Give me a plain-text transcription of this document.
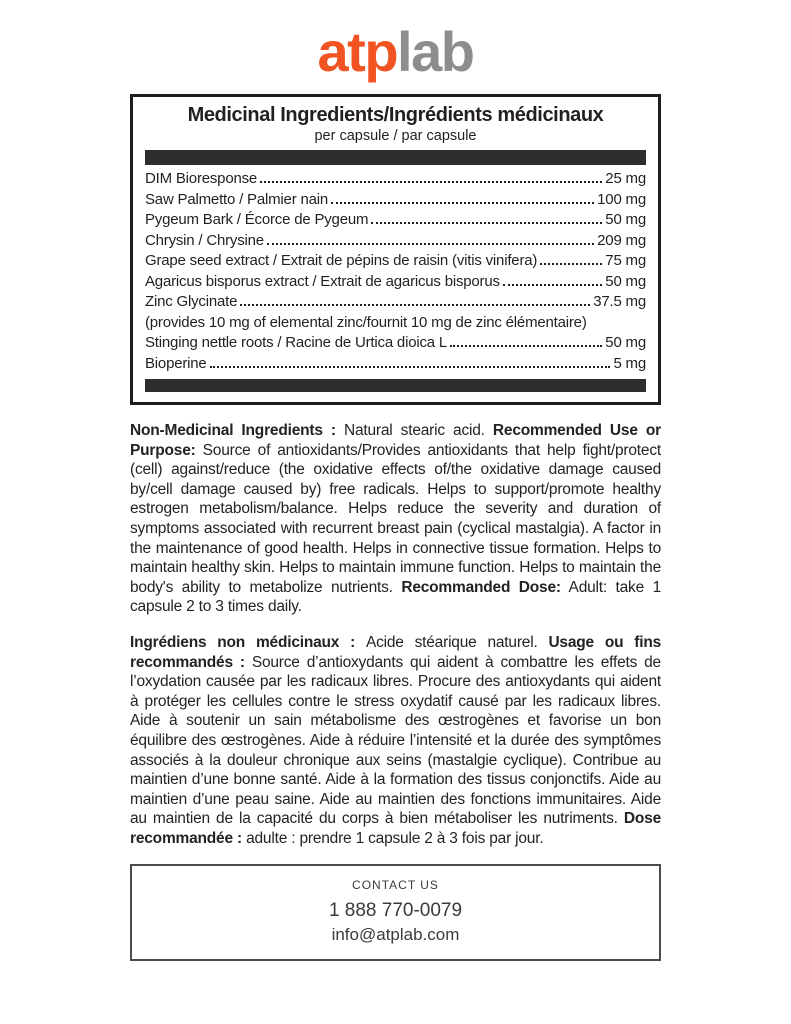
atplab
Medicinal Ingredients/Ingrédients médicinaux
per capsule / par capsule
DIM Bioresponse	25 mg
Saw Palmetto / Palmier nain	100 mg
Pygeum Bark / Écorce de Pygeum	50 mg
Chrysin / Chrysine	209 mg
Grape seed extract / Extrait de pépins de raisin (vitis vinifera)	75 mg
Agaricus bisporus extract / Extrait de agaricus bisporus	50 mg
Zinc Glycinate	37.5 mg
(provides 10 mg of elemental zinc/fournit 10 mg de zinc élémentaire)
Stinging nettle roots / Racine de Urtica dioica L	50 mg
Bioperine	5 mg
Non-Medicinal Ingredients : Natural stearic acid. Recommended Use or Purpose: Source of antioxidants/Provides antioxidants that help fight/protect (cell) against/reduce (the oxidative effects of/the oxidative damage caused by/cell damage caused by) free radicals. Helps to support/promote healthy estrogen metabolism/balance. Helps reduce the severity and duration of symptoms associated with recurrent breast pain (cyclical mastalgia). A factor in the maintenance of good health. Helps in connective tissue formation. Helps to maintain healthy skin. Helps to maintain immune function. Helps to maintain the body's ability to metabolize nutrients. Recommanded Dose: Adult: take 1 capsule 2 to 3 times daily.
Ingrédiens non médicinaux : Acide stéarique naturel. Usage ou fins recommandés : Source d’antioxydants qui aident à combattre les effets de l’oxydation causée par les radicaux libres. Procure des antioxydants qui aident à protéger les cellules contre le stress oxydatif causé par les radicaux libres. Aide à soutenir un sain métabolisme des œstrogènes et favorise un bon équilibre des œstrogènes. Aide à réduire l’intensité et la durée des symptômes associés à la douleur chronique aux seins (mastalgie cyclique). Contribue au maintien d’une bonne santé. Aide à la formation des tissus conjonctifs. Aide au maintien d’une peau saine. Aide au maintien des fonctions immunitaires. Aide au maintien de la capacité du corps à bien métaboliser les nutriments. Dose recommandée : adulte : prendre 1 capsule 2 à 3 fois par jour.
CONTACT US
1 888 770-0079
info@atplab.com
